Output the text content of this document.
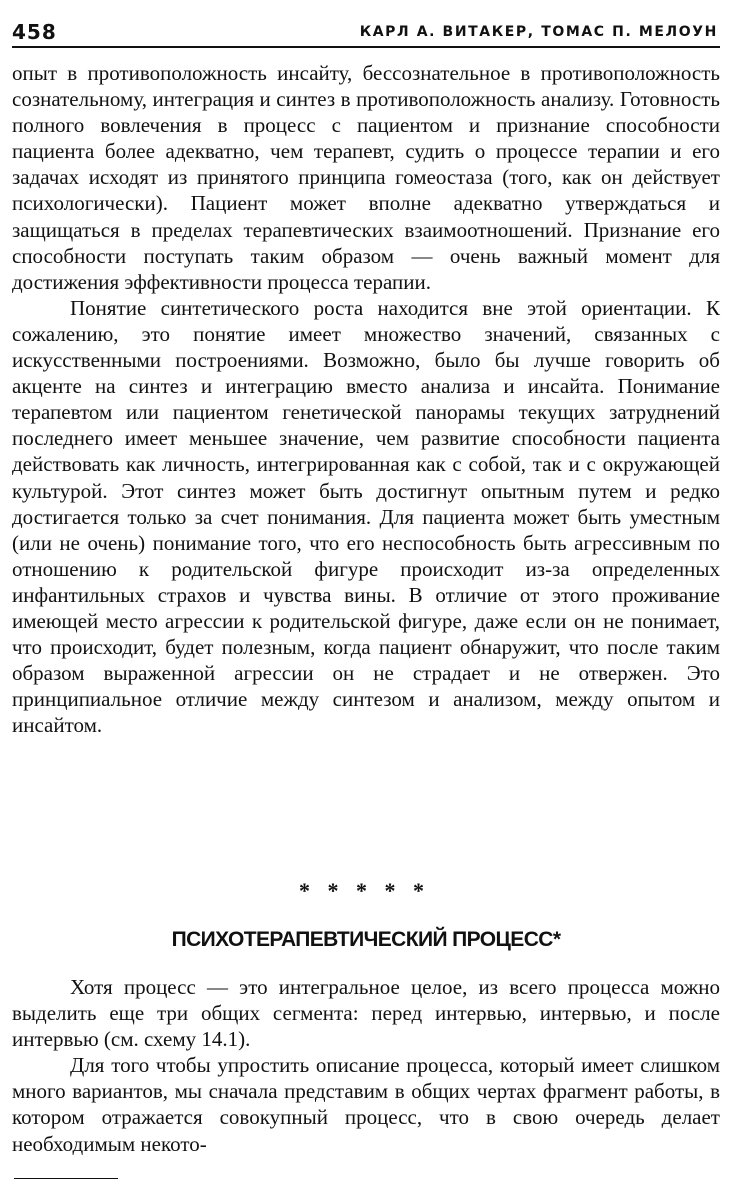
458	КАРЛ А. ВИТАКЕР, ТОМАС П. МЕЛОУН

опыт в противоположность инсайту, бессознательное в противоположность сознательному, интеграция и синтез в противоположность анализу. Готовность полного вовлечения в процесс с пациентом и признание способности пациента более адекватно, чем терапевт, судить о процессе терапии и его задачах исходят из принятого принципа гомеостаза (того, как он действует психологически). Пациент может вполне адекватно утверждаться и защищаться в пределах терапевтических взаимоотношений. Признание его способности поступать таким образом — очень важный момент для достижения эффективности процесса терапии.

Понятие синтетического роста находится вне этой ориентации. К сожалению, это понятие имеет множество значений, связанных с искусственными построениями. Возможно, было бы лучше говорить об акценте на синтез и интеграцию вместо анализа и инсайта. Понимание терапевтом или пациентом генетической панорамы текущих затруднений последнего имеет меньшее значение, чем развитие способности пациента действовать как личность, интегрированная как с собой, так и с окружающей культурой. Этот синтез может быть достигнут опытным путем и редко достигается только за счет понимания. Для пациента может быть уместным (или не очень) понимание того, что его неспособность быть агрессивным по отношению к родительской фигуре происходит из-за определенных инфантильных страхов и чувства вины. В отличие от этого проживание имеющей место агрессии к родительской фигуре, даже если он не понимает, что происходит, будет полезным, когда пациент обнаружит, что после таким образом выраженной агрессии он не страдает и не отвержен. Это принципиальное отличие между синтезом и анализом, между опытом и инсайтом.

* * * * *
ПСИХОТЕРАПЕВТИЧЕСКИЙ ПРОЦЕСС*

Хотя процесс — это интегральное целое, из всего процесса можно выделить еще три общих сегмента: перед интервью, интервью, и после интервью (см. схему 14.1).

Для того чтобы упростить описание процесса, который имеет слишком много вариантов, мы сначала представим в общих чертах фрагмент работы, в котором отражается совокупный процесс, что в свою очередь делает необходимым некото-
